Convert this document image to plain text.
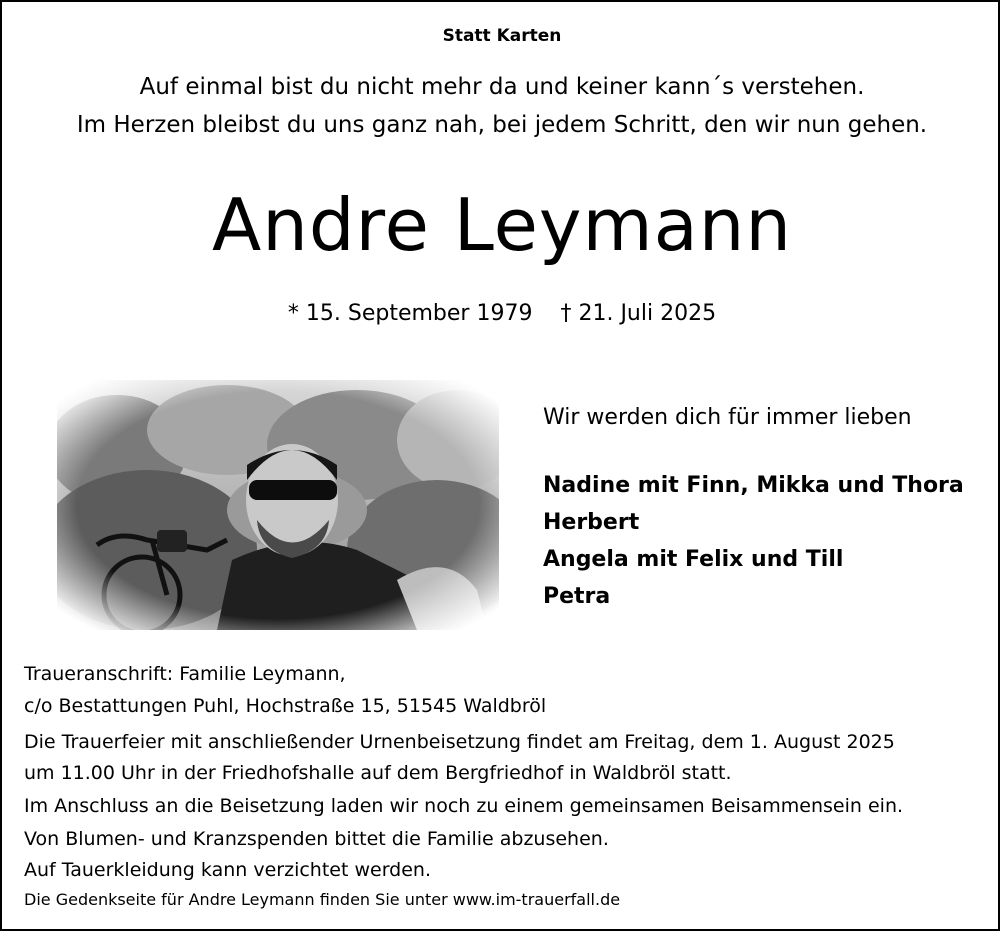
Statt Karten
Auf einmal bist du nicht mehr da und keiner kann´s verstehen.
Im Herzen bleibst du uns ganz nah, bei jedem Schritt, den wir nun gehen.
Andre Leymann
* 15. September 1979 † 21. Juli 2025
Wir werden dich für immer lieben
Nadine mit Finn, Mikka und Thora
Herbert
Angela mit Felix und Till
Petra
Traueranschrift: Familie Leymann,
c/o Bestattungen Puhl, Hochstraße 15, 51545 Waldbröl
Die Trauerfeier mit anschließender Urnenbeisetzung findet am Freitag, dem 1. August 2025
um 11.00 Uhr in der Friedhofshalle auf dem Bergfriedhof in Waldbröl statt.
Im Anschluss an die Beisetzung laden wir noch zu einem gemeinsamen Beisammensein ein.
Von Blumen- und Kranzspenden bittet die Familie abzusehen.
Auf Tauerkleidung kann verzichtet werden.
Die Gedenkseite für Andre Leymann finden Sie unter www.im-trauerfall.de
